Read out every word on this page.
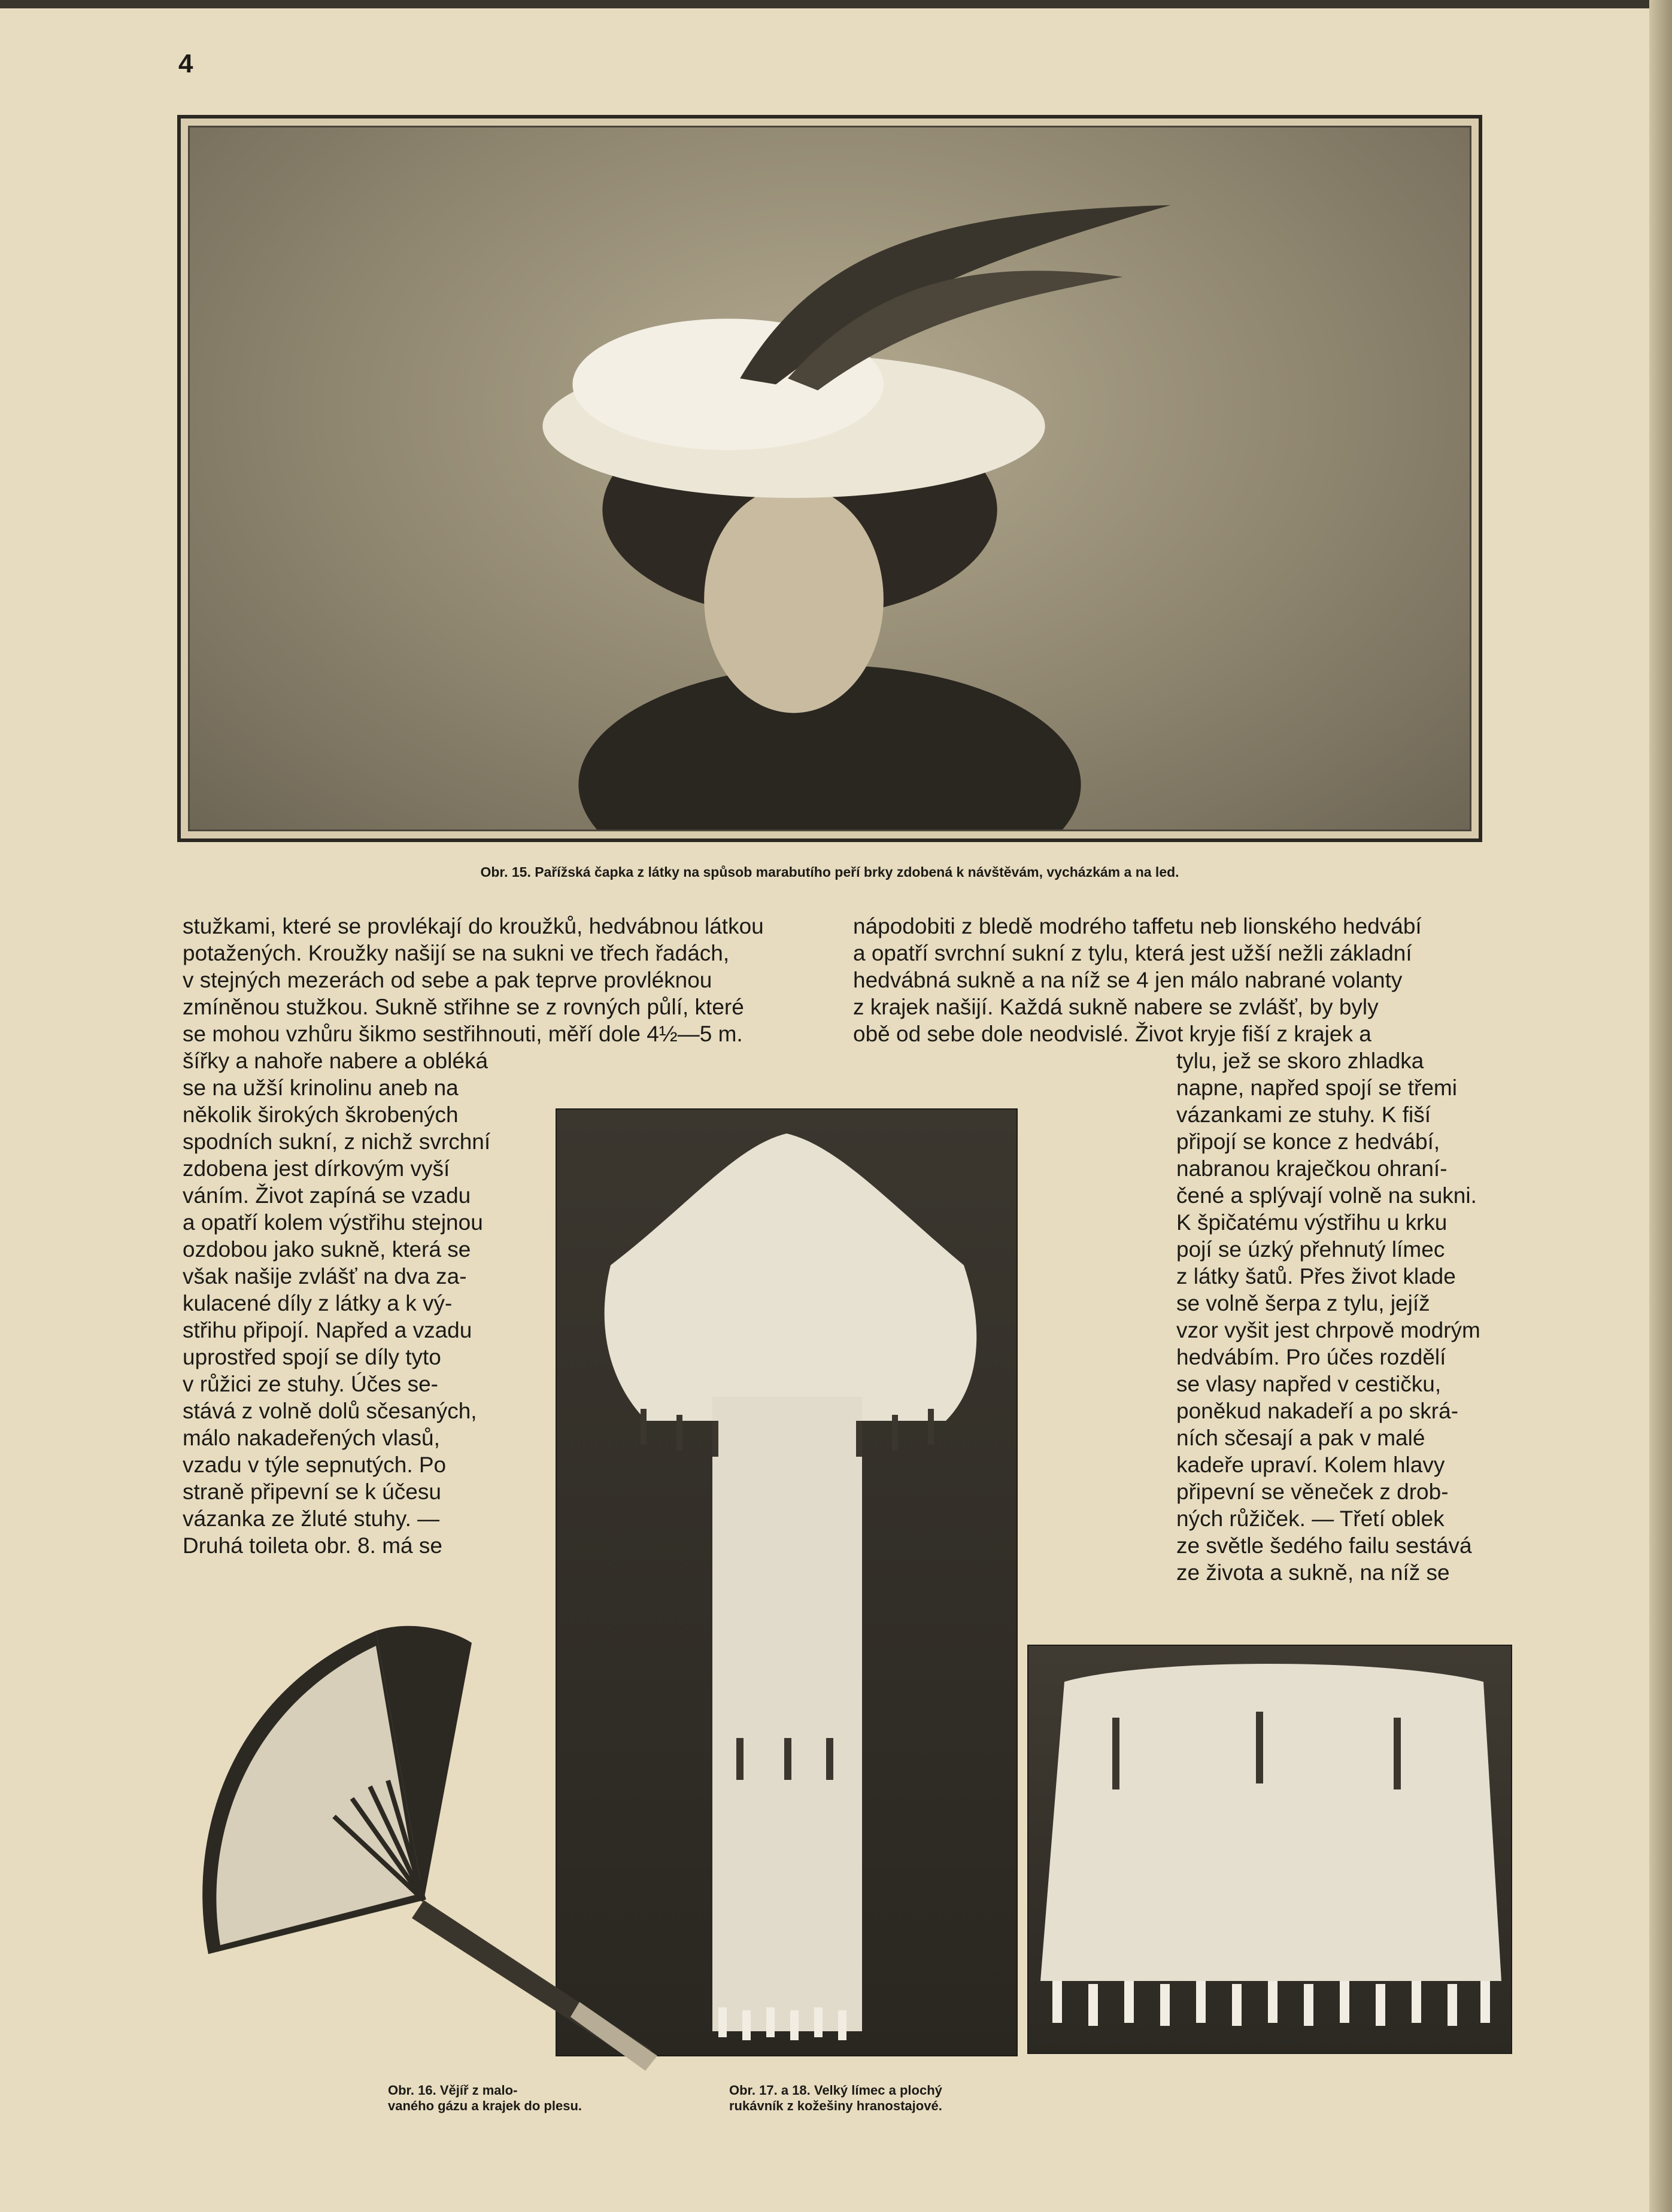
4
Obr. 15. Pařížská čapka z látky na spůsob marabutího peří brky zdobená k návštěvám, vycházkám a na led.
stužkami, které se provlékají do kroužků, hedvábnou látkou
potažených. Kroužky našijí se na sukni ve třech řadách,
v stejných mezerách od sebe a pak teprve provléknou
zmíněnou stužkou. Sukně střihne se z rovných půlí, které
se mohou vzhůru šikmo sestřihnouti, měří dole 4½—5 m.
šířky a nahoře nabere a obléká
se na užší krinolinu aneb na
několik širokých škrobených
spodních sukní, z nichž svrchní
zdobena jest dírkovým vyší
váním. Život zapíná se vzadu
a opatří kolem výstřihu stejnou
ozdobou jako sukně, která se
však našije zvlášť na dva za-
kulacené díly z látky a k vý-
střihu připojí. Napřed a vzadu
uprostřed spojí se díly tyto
v růžici ze stuhy. Účes se-
stává z volně dolů sčesaných,
málo nakadeřených vlasů,
vzadu v týle sepnutých. Po
straně připevní se k účesu
vázanka ze žluté stuhy. —
Druhá toileta obr. 8. má se
nápodobiti z bledě modrého taffetu neb lionského hedvábí
a opatří svrchní sukní z tylu, která jest užší nežli základní
hedvábná sukně a na níž se 4 jen málo nabrané volanty
z krajek našijí. Každá sukně nabere se zvlášť, by byly
obě od sebe dole neodvislé. Život kryje fiší z krajek a
tylu, jež se skoro zhladka
napne, napřed spojí se třemi
vázankami ze stuhy. K fiší
připojí se konce z hedvábí,
nabranou kraječkou ohraní-
čené a splývají volně na sukni.
K špičatému výstřihu u krku
pojí se úzký přehnutý límec
z látky šatů. Přes život klade
se volně šerpa z tylu, jejíž
vzor vyšit jest chrpově modrým
hedvábím. Pro účes rozdělí
se vlasy napřed v cestičku,
poněkud nakadeří a po skrá-
ních sčesají a pak v malé
kadeře upraví. Kolem hlavy
připevní se věneček z drob-
ných růžiček. — Třetí oblek
ze světle šedého failu sestává
ze života a sukně, na níž se
Obr. 16. Vějíř z malo-
vaného gázu a krajek do plesu.
Obr. 17. a 18. Velký límec a plochý
rukávník z kožešiny hranostajové.
